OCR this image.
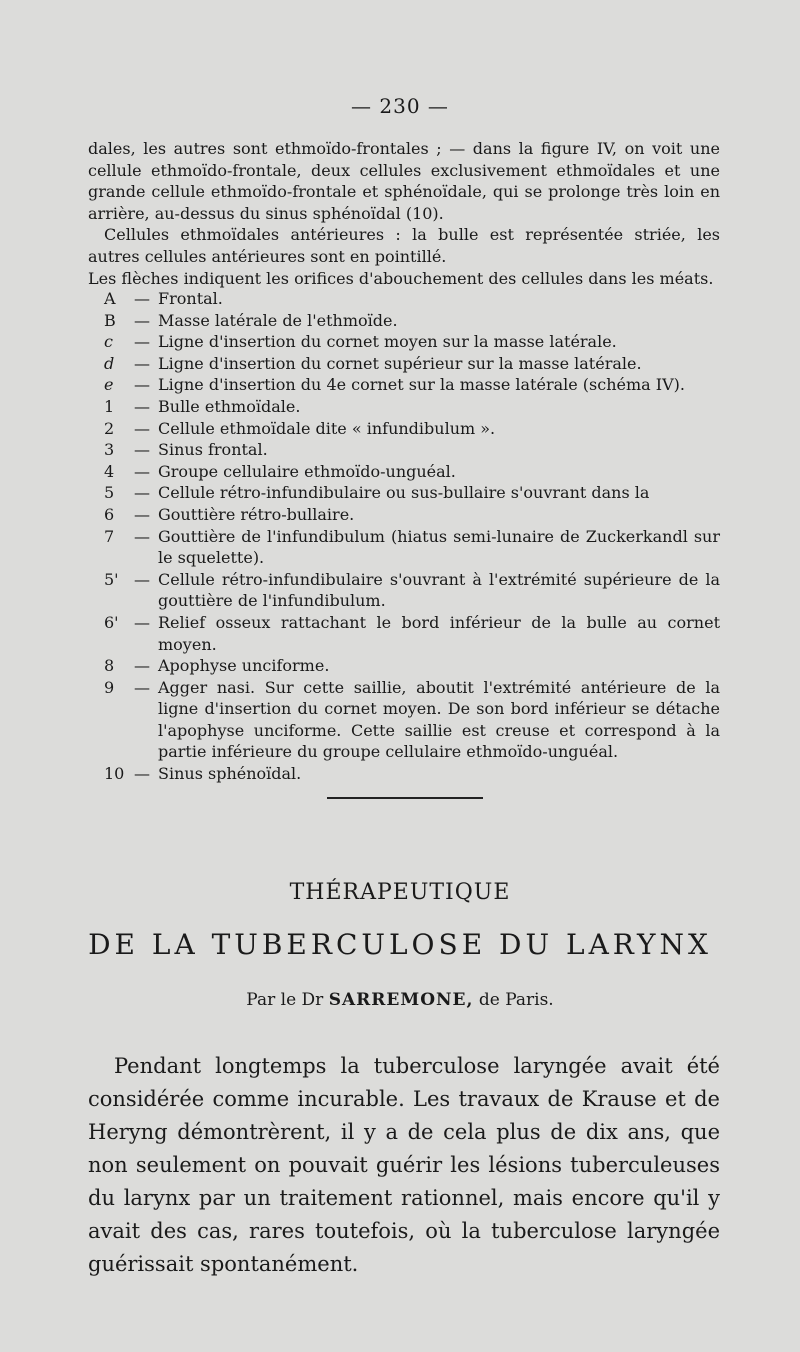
— 230 —

dales, les autres sont ethmoïdo-frontales ; — dans la figure IV, on voit une cellule ethmoïdo-frontale, deux cellules exclusivement ethmoïdales et une grande cellule ethmoïdo-frontale et sphénoïdale, qui se prolonge très loin en arrière, au-dessus du sinus sphénoïdal (10).

Cellules ethmoïdales antérieures : la bulle est représentée striée, les autres cellules antérieures sont en pointillé.

Les flèches indiquent les orifices d'abouchement des cellules dans les méats.

A	— Frontal.
B	— Masse latérale de l'ethmoïde.
c	— Ligne d'insertion du cornet moyen sur la masse latérale.
d	— Ligne d'insertion du cornet supérieur sur la masse latérale.
e	— Ligne d'insertion du 4e cornet sur la masse latérale (schéma IV).
1	— Bulle ethmoïdale.
2	— Cellule ethmoïdale dite « infundibulum ».
3	— Sinus frontal.
4	— Groupe cellulaire ethmoïdo-unguéal.
5	— Cellule rétro-infundibulaire ou sus-bullaire s'ouvrant dans la
6	— Gouttière rétro-bullaire.
7	— Gouttière de l'infundibulum (hiatus semi-lunaire de Zuckerkandl sur le squelette).
5' — Cellule rétro-infundibulaire s'ouvrant à l'extrémité supérieure de la gouttière de l'infundibulum.
6' — Relief osseux rattachant le bord inférieur de la bulle au cornet moyen.
8	— Apophyse unciforme.
9	— Agger nasi. Sur cette saillie, aboutit l'extrémité antérieure de la ligne d'insertion du cornet moyen. De son bord inférieur se détache l'apophyse unciforme. Cette saillie est creuse et correspond à la partie inférieure du groupe cellulaire ethmoïdo-unguéal.
10 — Sinus sphénoïdal.
THÉRAPEUTIQUE
DE LA TUBERCULOSE DU LARYNX
Par le Dr SARREMONE, de Paris.

Pendant longtemps la tuberculose laryngée avait été considérée comme incurable. Les travaux de Krause et de Heryng démontrèrent, il y a de cela plus de dix ans, que non seulement on pouvait guérir les lésions tuberculeuses du larynx par un traitement rationnel, mais encore qu'il y avait des cas, rares toutefois, où la tuberculose laryngée guérissait spontanément.
